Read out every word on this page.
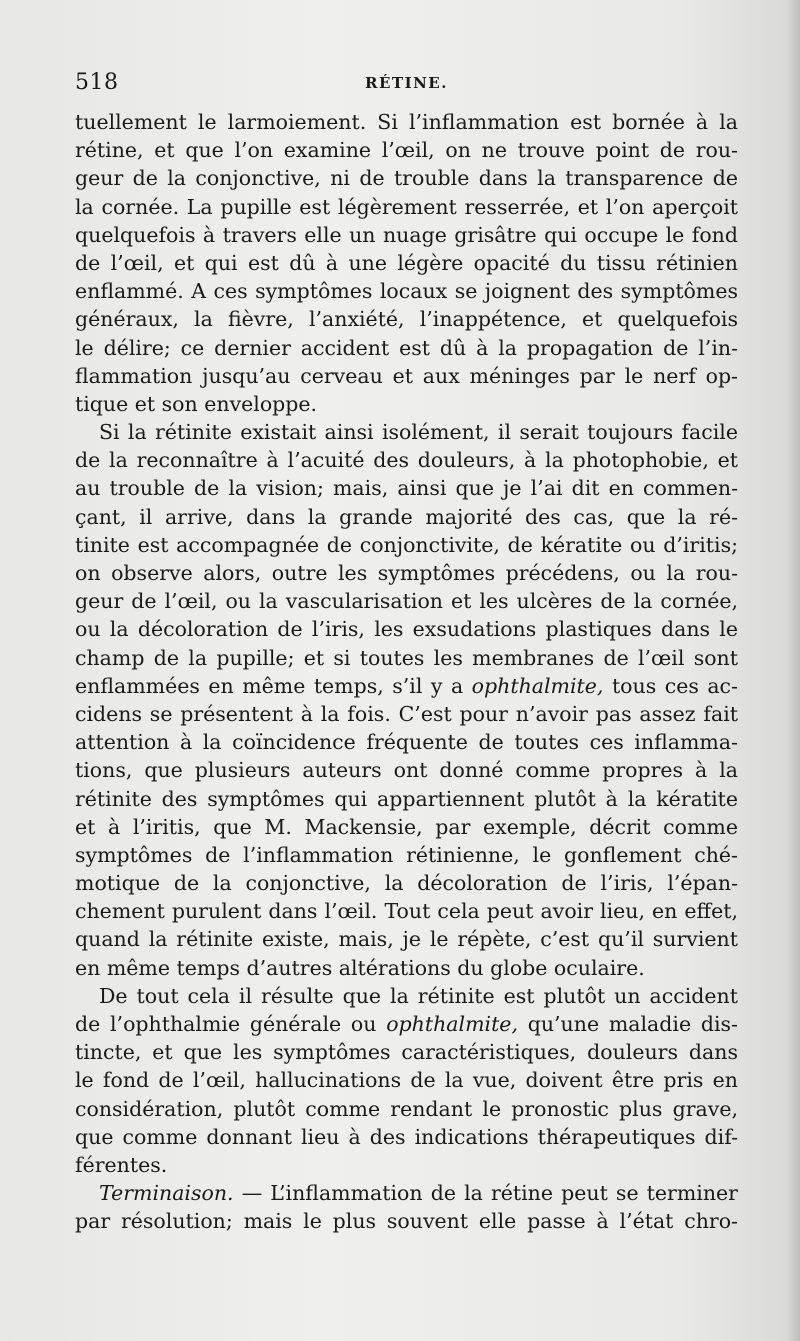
518	RÉTINE.
tuellement le larmoiement. Si l’inflammation est bornée à la
rétine, et que l’on examine l’œil, on ne trouve point de rou-
geur de la conjonctive, ni de trouble dans la transparence de
la cornée. La pupille est légèrement resserrée, et l’on aperçoit
quelquefois à travers elle un nuage grisâtre qui occupe le fond
de l’œil, et qui est dû à une légère opacité du tissu rétinien
enflammé. A ces symptômes locaux se joignent des symptômes
généraux, la fièvre, l’anxiété, l’inappétence, et quelquefois
le délire; ce dernier accident est dû à la propagation de l’in-
flammation jusqu’au cerveau et aux méninges par le nerf op-
tique et son enveloppe.
Si la rétinite existait ainsi isolément, il serait toujours facile
de la reconnaître à l’acuité des douleurs, à la photophobie, et
au trouble de la vision; mais, ainsi que je l’ai dit en commen-
çant, il arrive, dans la grande majorité des cas, que la ré-
tinite est accompagnée de conjonctivite, de kératite ou d’iritis;
on observe alors, outre les symptômes précédens, ou la rou-
geur de l’œil, ou la vascularisation et les ulcères de la cornée,
ou la décoloration de l’iris, les exsudations plastiques dans le
champ de la pupille; et si toutes les membranes de l’œil sont
enflammées en même temps, s’il y a ophthalmite, tous ces ac-
cidens se présentent à la fois. C’est pour n’avoir pas assez fait
attention à la coïncidence fréquente de toutes ces inflamma-
tions, que plusieurs auteurs ont donné comme propres à la
rétinite des symptômes qui appartiennent plutôt à la kératite
et à l’iritis, que M. Mackensie, par exemple, décrit comme
symptômes de l’inflammation rétinienne, le gonflement ché-
motique de la conjonctive, la décoloration de l’iris, l’épan-
chement purulent dans l’œil. Tout cela peut avoir lieu, en effet,
quand la rétinite existe, mais, je le répète, c’est qu’il survient
en même temps d’autres altérations du globe oculaire.
De tout cela il résulte que la rétinite est plutôt un accident
de l’ophthalmie générale ou ophthalmite, qu’une maladie dis-
tincte, et que les symptômes caractéristiques, douleurs dans
le fond de l’œil, hallucinations de la vue, doivent être pris en
considération, plutôt comme rendant le pronostic plus grave,
que comme donnant lieu à des indications thérapeutiques dif-
férentes.
Terminaison. — L’inflammation de la rétine peut se terminer
par résolution; mais le plus souvent elle passe à l’état chro-
